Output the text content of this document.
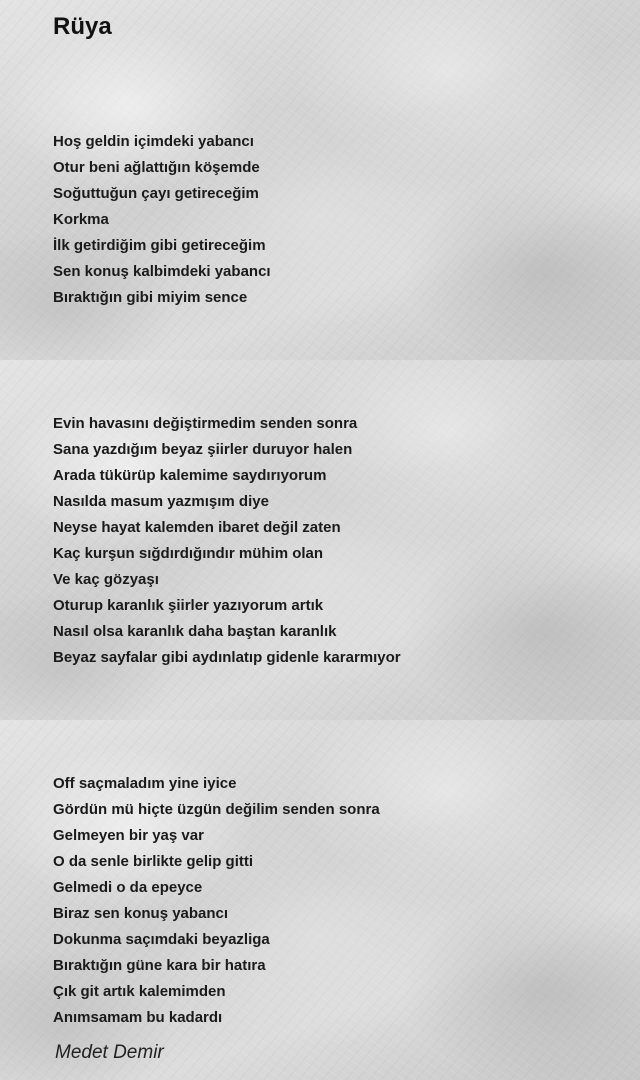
Rüya
Hoş geldin içimdeki yabancı
Otur beni ağlattığın köşemde
Soğuttuğun çayı getireceğim
Korkma
İlk getirdiğim gibi getireceğim
Sen konuş kalbimdeki yabancı
Bıraktığın gibi miyim sence
Evin havasını değiştirmedim senden sonra
Sana yazdığım beyaz şiirler duruyor halen
Arada tükürüp kalemime saydırıyorum
Nasılda masum yazmışım diye
Neyse hayat kalemden ibaret değil zaten
Kaç kurşun sığdırdığındır mühim olan
Ve kaç gözyaşı
Oturup karanlık şiirler yazıyorum artık
Nasıl olsa karanlık daha baştan karanlık
Beyaz sayfalar gibi aydınlatıp gidenle kararmıyor
Off saçmaladım yine iyice
Gördün mü hiçte üzgün değilim senden sonra
Gelmeyen bir yaş var
O da senle birlikte gelip gitti
Gelmedi o da epeyce
Biraz sen konuş yabancı
Dokunma saçımdaki beyazliga
Bıraktığın güne kara bir hatıra
Çık git artık kalemimden
Anımsamam bu kadardı
Medet Demir
